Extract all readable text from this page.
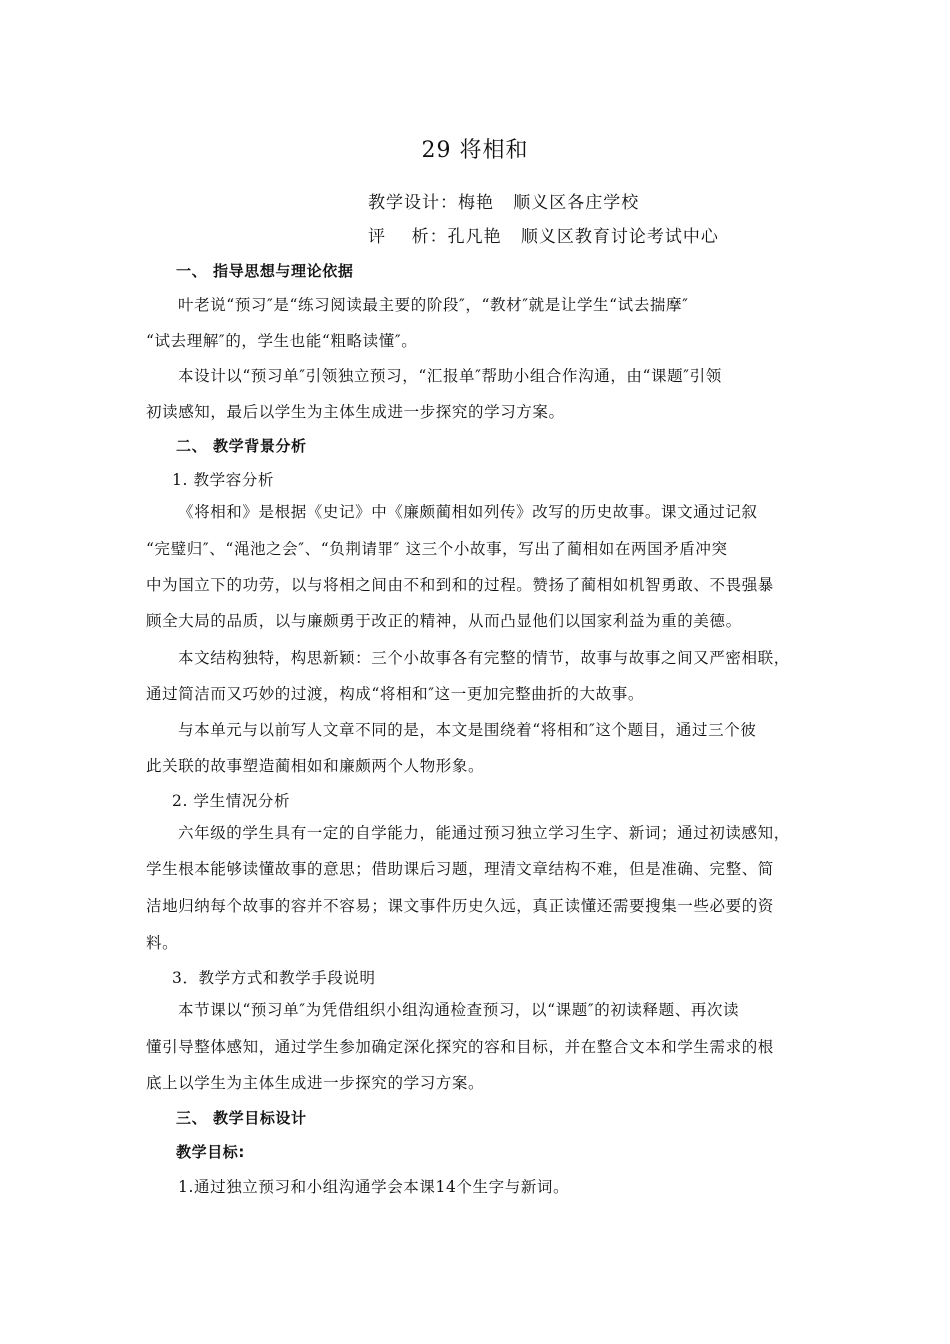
29 将相和
教学设计：梅艳   顺义区各庄学校
评    析：孔凡艳   顺义区教育讨论考试中心
一、 指导思想与理论依据
叶老说“预习″是“练习阅读最主要的阶段″，“教材″就是让学生“试去揣摩″
“试去理解″的，学生也能“粗略读懂″。
本设计以“预习单″引领独立预习，“汇报单″帮助小组合作沟通，由“课题″引领
初读感知，最后以学生为主体生成进一步探究的学习方案。
二、 教学背景分析
1. 教学容分析
《将相和》是根据《史记》中《廉颇蔺相如列传》改写的历史故事。课文通过记叙
“完璧归″、“渑池之会″、“负荆请罪″ 这三个小故事，写出了蔺相如在两国矛盾冲突
中为国立下的功劳，以与将相之间由不和到和的过程。赞扬了蔺相如机智勇敢、不畏强暴
顾全大局的品质，以与廉颇勇于改正的精神，从而凸显他们以国家利益为重的美德。
本文结构独特，构思新颖：三个小故事各有完整的情节，故事与故事之间又严密相联，
通过简洁而又巧妙的过渡，构成“将相和″这一更加完整曲折的大故事。
与本单元与以前写人文章不同的是，本文是围绕着“将相和″这个题目，通过三个彼
此关联的故事塑造蔺相如和廉颇两个人物形象。
2. 学生情况分析
六年级的学生具有一定的自学能力，能通过预习独立学习生字、新词；通过初读感知，
学生根本能够读懂故事的意思；借助课后习题，理清文章结构不难，但是准确、完整、简
洁地归纳每个故事的容并不容易；课文事件历史久远，真正读懂还需要搜集一些必要的资
料。
3．教学方式和教学手段说明
本节课以“预习单″为凭借组织小组沟通检查预习，以“课题″的初读释题、再次读
懂引导整体感知，通过学生参加确定深化探究的容和目标，并在整合文本和学生需求的根
底上以学生为主体生成进一步探究的学习方案。
三、 教学目标设计
教学目标:
1.通过独立预习和小组沟通学会本课14个生字与新词。
